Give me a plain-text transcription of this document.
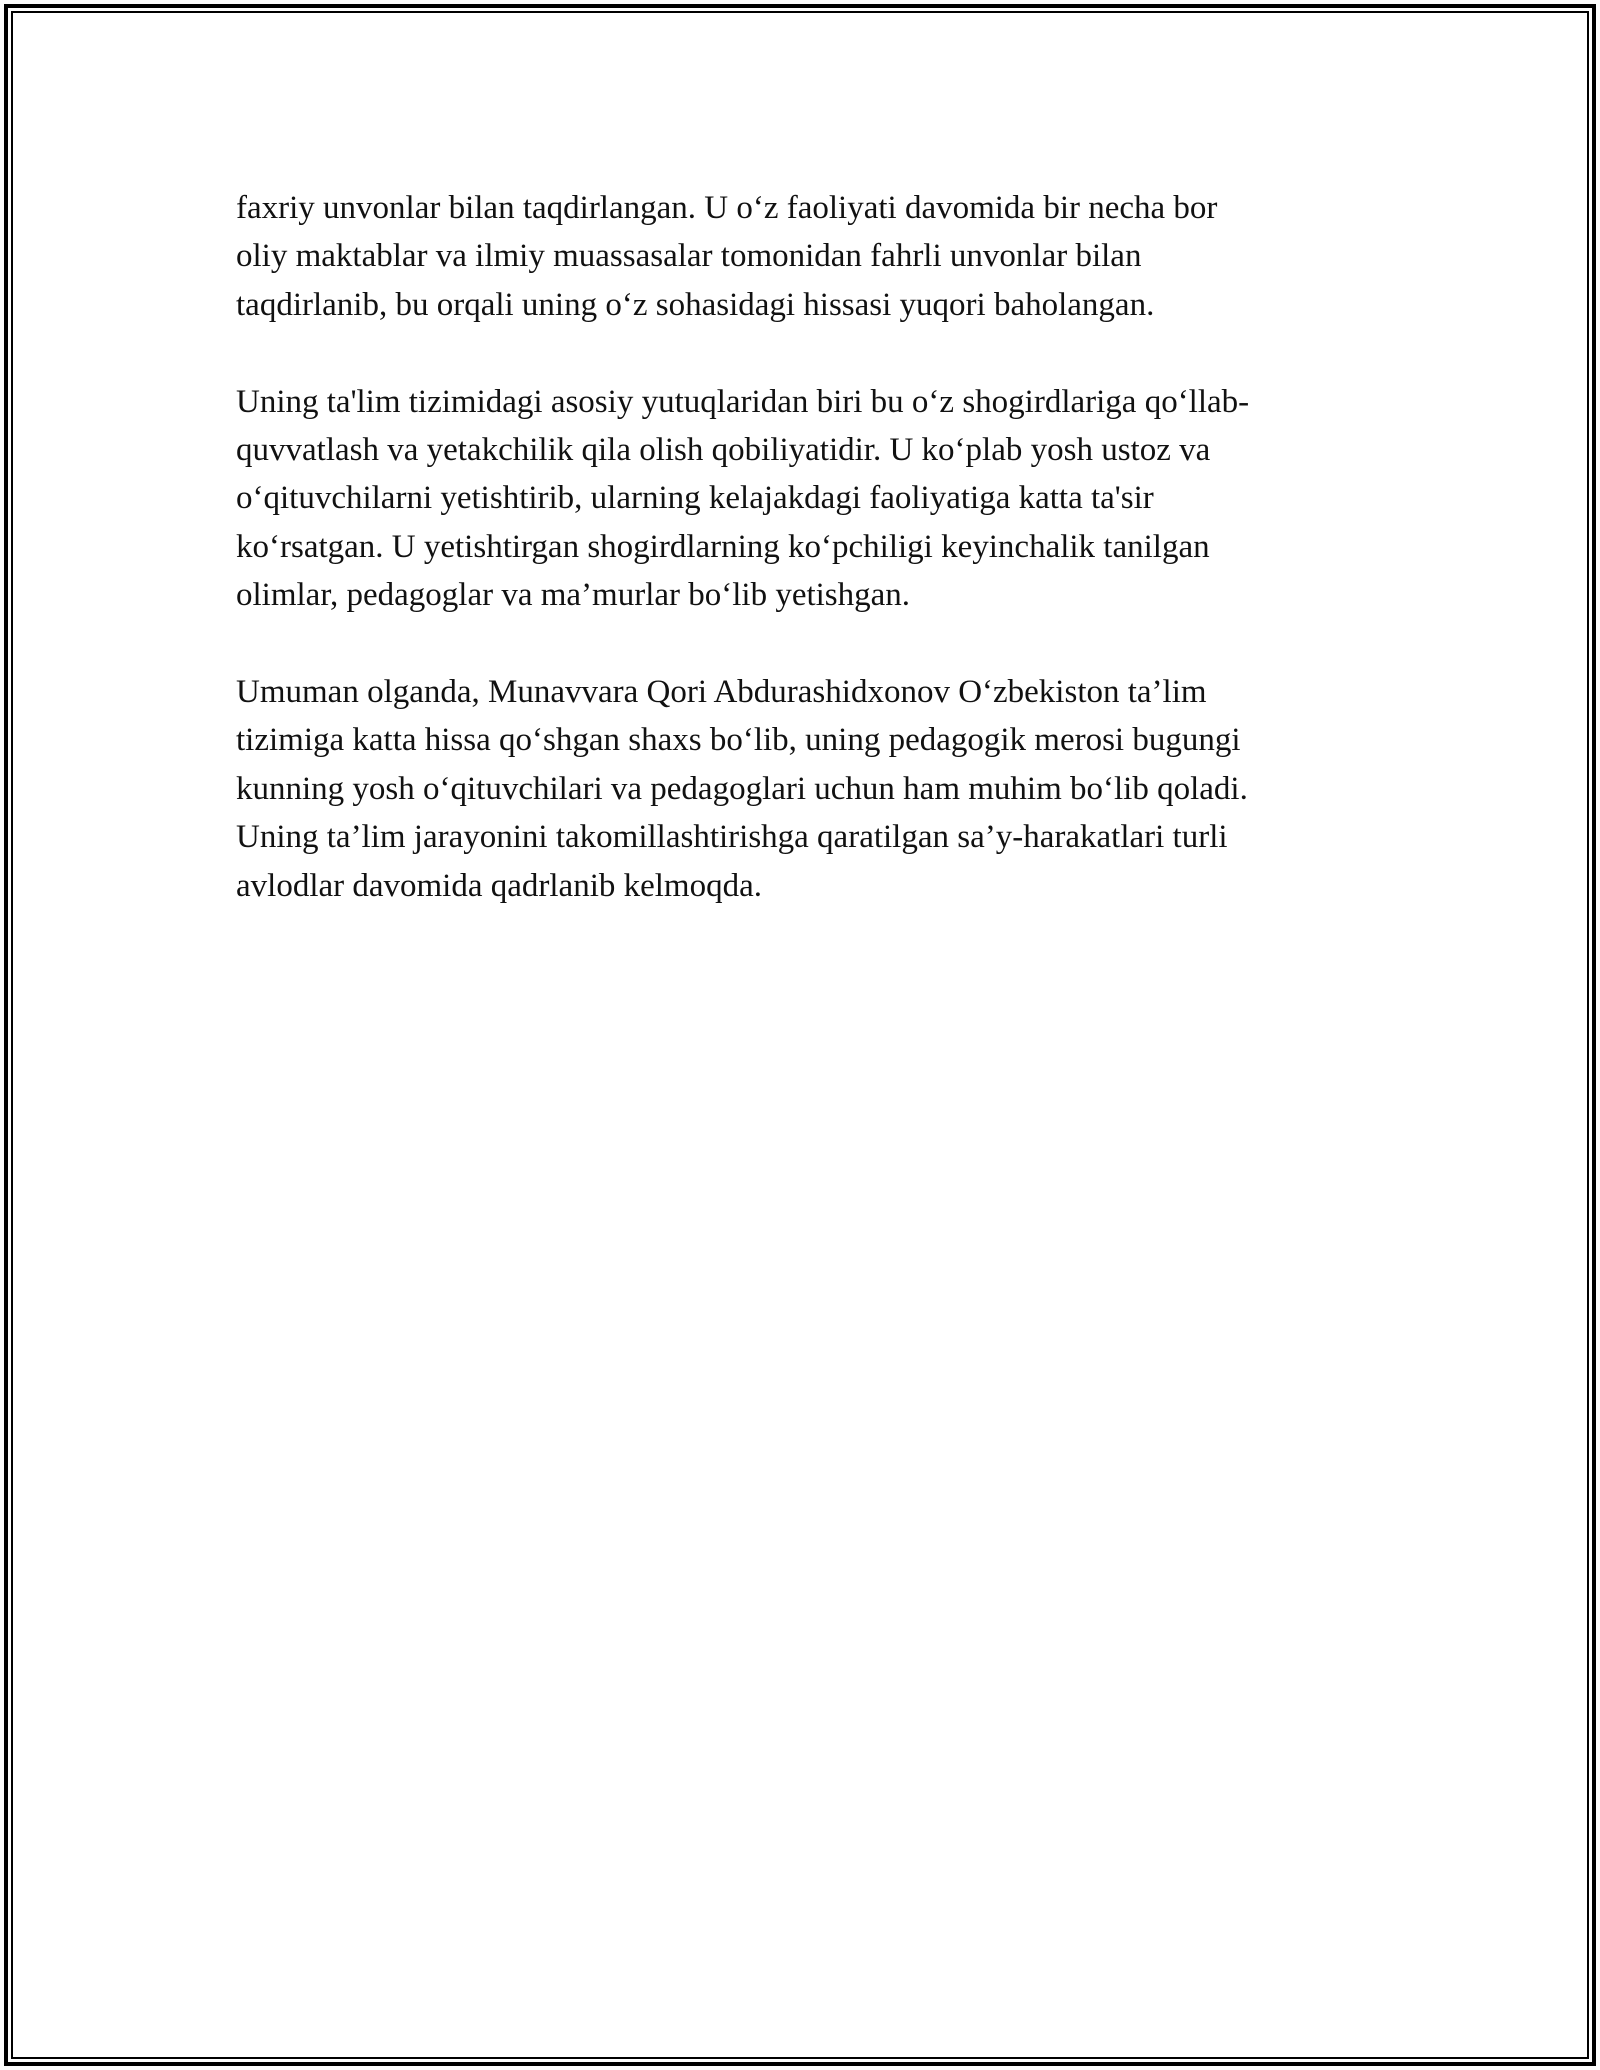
faxriy unvonlar bilan taqdirlangan. U o‘z faoliyati davomida bir necha bor
oliy maktablar va ilmiy muassasalar tomonidan fahrli unvonlar bilan
taqdirlanib, bu orqali uning o‘z sohasidagi hissasi yuqori baholangan.

Uning ta'lim tizimidagi asosiy yutuqlaridan biri bu o‘z shogirdlariga qo‘llab-
quvvatlash va yetakchilik qila olish qobiliyatidir. U ko‘plab yosh ustoz va
o‘qituvchilarni yetishtirib, ularning kelajakdagi faoliyatiga katta ta'sir
ko‘rsatgan. U yetishtirgan shogirdlarning ko‘pchiligi keyinchalik tanilgan
olimlar, pedagoglar va ma’murlar bo‘lib yetishgan.

Umuman olganda, Munavvara Qori Abdurashidxonov O‘zbekiston ta’lim
tizimiga katta hissa qo‘shgan shaxs bo‘lib, uning pedagogik merosi bugungi
kunning yosh o‘qituvchilari va pedagoglari uchun ham muhim bo‘lib qoladi.
Uning ta’lim jarayonini takomillashtirishga qaratilgan sa’y-harakatlari turli
avlodlar davomida qadrlanib kelmoqda.
